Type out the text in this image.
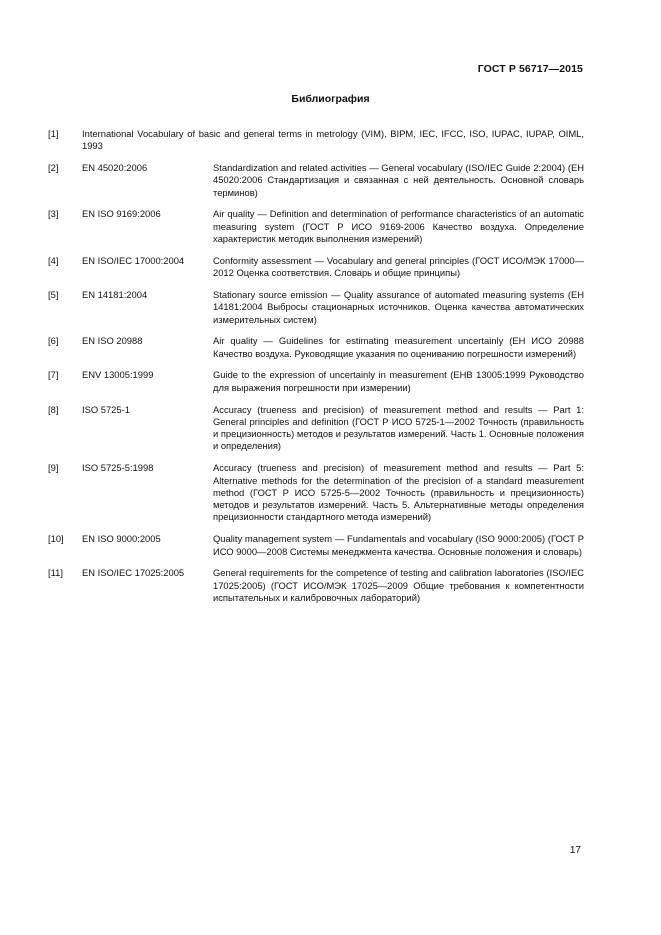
ГОСТ Р 56717—2015
Библиография
[1]	International Vocabulary of basic and general terms in metrology (VIM), BIPM, IEC, IFCC, ISO, IUPAC, IUPAP, OIML, 1993
[2]	EN 45020:2006	Standardization and related activities — General vocabulary (ISO/IEC Guide 2:2004) (ЕН 45020:2006 Стандартизация и связанная с ней деятельность. Основной словарь терминов)
[3]	EN ISO 9169:2006	Air quality — Definition and determination of performance characteristics of an automatic measuring system (ГОСТ Р ИСО 9169-2006 Качество воздуха. Определение характеристик методик выполнения измерений)
[4]	EN ISO/IEC 17000:2004	Conformity assessment — Vocabulary and general principles (ГОСТ ИСО/МЭК 17000—2012 Оценка соответствия. Словарь и общие принципы)
[5]	EN 14181:2004	Stationary source emission — Quality assurance of automated measuring systems (ЕН 14181:2004 Выбросы стационарных источников. Оценка качества автоматических измерительных систем)
[6]	EN ISO 20988	Air quality — Guidelines for estimating measurement uncertainly (ЕН ИСО 20988 Качество воздуха. Руководящие указания по оцениванию погрешности измерений)
[7]	ENV 13005:1999	Guide to the expression of uncertainly in measurement (ЕНВ 13005:1999 Руководство для выражения погрешности при измерении)
[8]	ISO 5725-1	Accuracy (trueness and precision) of measurement method and results — Part 1: General principles and definition (ГОСТ Р ИСО 5725-1—2002 Точность (правильность и прецизионность) методов и результатов измерений. Часть 1. Основные положения и определения)
[9]	ISO 5725-5:1998	Accuracy (trueness and precision) of measurement method and results — Part 5: Alternative methods for the determination of the precision of a standard measurement method (ГОСТ Р ИСО 5725-5—2002 Точность (правильность и прецизионность) методов и результатов измерений. Часть 5. Альтернативные методы определения прецизионности стандартного метода измерений)
[10] EN ISO 9000:2005	Quality management system — Fundamentals and vocabulary (ISO 9000:2005) (ГОСТ Р ИСО 9000—2008 Системы менеджмента качества. Основные положения и словарь)
[11] EN ISO/IEC 17025:2005	General requirements for the competence of testing and calibration laboratories (ISO/IEC 17025:2005) (ГОСТ ИСО/МЭК 17025—2009 Общие требования к компетентности испытательных и калибровочных лабораторий)
17
